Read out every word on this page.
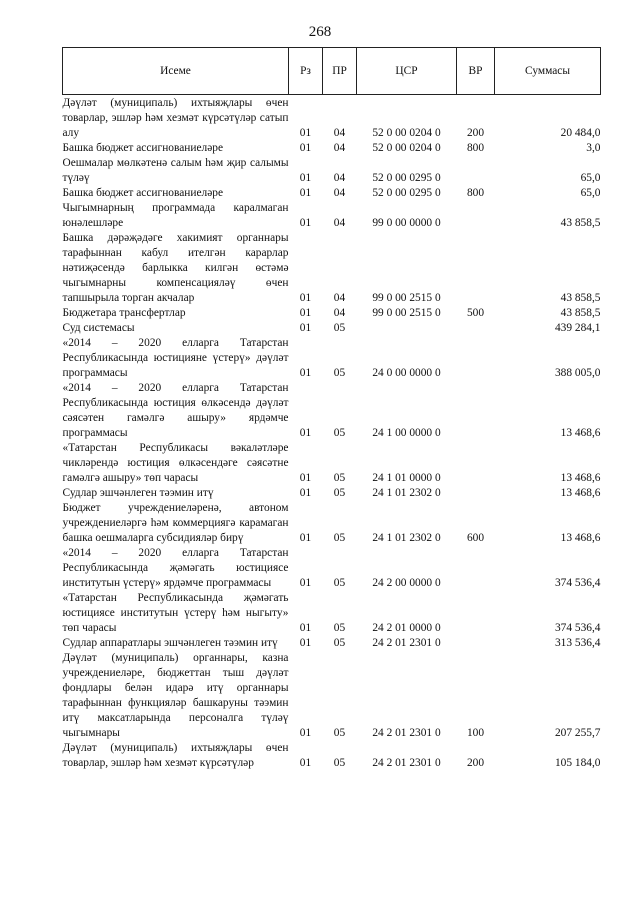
268
Исеме	Рз	ПР	ЦСР	ВР	Суммасы
Дәүләт (муниципаль) ихтыяҗлары өчен товарлар, эшләр һәм хезмәт күрсәтүләр сатып алу	01	04	52 0 00 0204 0	200	20 484,0
Башка бюджет ассигнованиеләре	01	04	52 0 00 0204 0	800	3,0
Оешмалар мөлкәтенә салым һәм җир салымы түләү	01	04	52 0 00 0295 0		65,0
Башка бюджет ассигнованиеләре	01	04	52 0 00 0295 0	800	65,0
Чыгымнарның программада каралмаган юнәлешләре	01	04	99 0 00 0000 0		43 858,5
Башка дәрәҗәдәге хакимият органнары тарафыннан кабул ителгән карарлар нәтиҗәсендә барлыкка килгән өстәмә чыгымнарны компенсацияләү өчен тапшырыла торган акчалар	01	04	99 0 00 2515 0		43 858,5
Бюджетара трансфертлар	01	04	99 0 00 2515 0	500	43 858,5
Суд системасы	01	05			439 284,1
«2014 – 2020 елларга Татарстан Республикасында юстицияне үстерү» дәүләт программасы	01	05	24 0 00 0000 0		388 005,0
«2014 – 2020 елларга Татарстан Республикасында юстиция өлкәсендә дәүләт сәясәтен гамәлгә ашыру» ярдәмче программасы	01	05	24 1 00 0000 0		13 468,6
«Татарстан Республикасы вәкаләтләре чикләрендә юстиция өлкәсендәге сәясәтне гамәлгә ашыру» төп чарасы	01	05	24 1 01 0000 0		13 468,6
Судлар эшчәнлеген тәэмин итү	01	05	24 1 01 2302 0		13 468,6
Бюджет учреждениеләренә, автоном учреждениеләргә һәм коммерциягә карамаган башка оешмаларга субсидияләр бирү	01	05	24 1 01 2302 0	600	13 468,6
«2014 – 2020 елларга Татарстан Республикасында җәмәгать юстициясе институтын үстерү» ярдәмче программасы	01	05	24 2 00 0000 0		374 536,4
«Татарстан Республикасында җәмәгать юстициясе институтын үстерү һәм ныгыту» төп чарасы	01	05	24 2 01 0000 0		374 536,4
Судлар аппаратлары эшчәнлеген тәэмин итү	01	05	24 2 01 2301 0		313 536,4
Дәүләт (муниципаль) органнары, казна учреждениеләре, бюджеттан тыш дәүләт фондлары белән идарә итү органнары тарафыннан функцияләр башкаруны тәэмин итү максатларында персоналга түләү чыгымнары	01	05	24 2 01 2301 0	100	207 255,7
Дәүләт (муниципаль) ихтыяҗлары өчен товарлар, эшләр һәм хезмәт күрсәтүләр	01	05	24 2 01 2301 0	200	105 184,0
